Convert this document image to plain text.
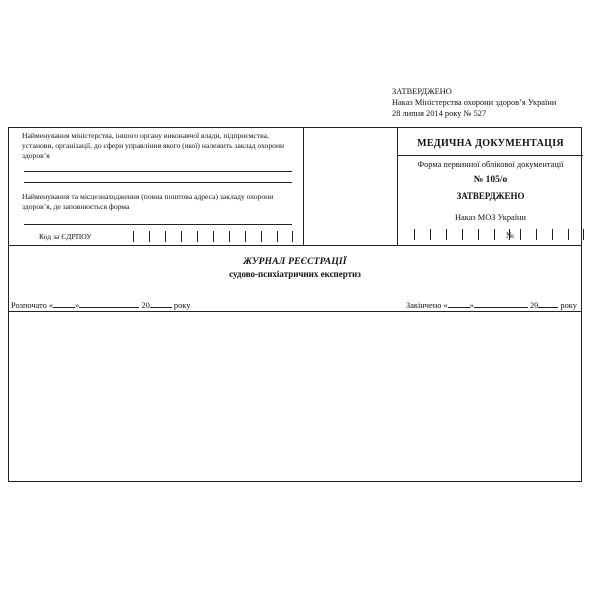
ЗАТВЕРДЖЕНО
Наказ Міністерства охорони здоров’я України
28 липня 2014 року № 527
Найменування міністерства, іншого органу виконавчої влади, підприємства, установи, організації, до сфери управління якого (якої) належить заклад охорони здоров’я
Найменування та місцезнаходження (повна поштова адреса) закладу охорони здоров’я, де заповнюється форма
Код за ЄДРПОУ
МЕДИЧНА ДОКУМЕНТАЦІЯ
Форма первинної облікової документації
№ 105/о
ЗАТВЕРДЖЕНО
Наказ МОЗ України
№
ЖУРНАЛ РЕЄСТРАЦІЇ
судово-психіатричних експертиз
Розпочато «	»	20	року	Закінчено «	»	20	року
